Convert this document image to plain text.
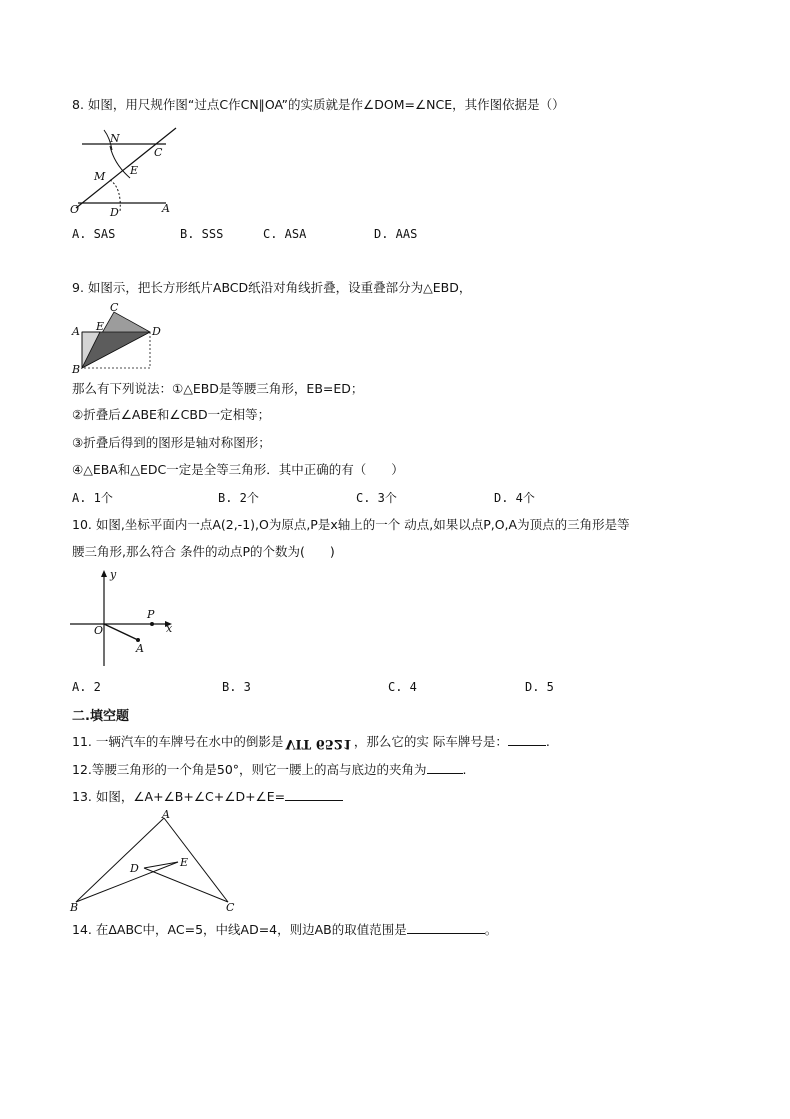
8. 如图，用尺规作图“过点C作CN∥OA”的实质就是作∠DOM=∠NCE，其作图依据是（）
N
C
E
M
O	D	A
A. SAS	B. SSS	C. ASA	D. AAS
9. 如图示，把长方形纸片ABCD纸沿对角线折叠，设重叠部分为△EBD，
A
B
C
D
E
那么有下列说法：①△EBD是等腰三角形，EB=ED；
②折叠后∠ABE和∠CBD一定相等；
③折叠后得到的图形是轴对称图形；
④△EBA和△EDC一定是全等三角形．其中正确的有（　　）
A. 1个	B. 2个	C. 3个	D. 4个
10. 如图,坐标平面内一点A(2,-1),O为原点,P是x轴上的一个 动点,如果以点P,O,A为顶点的三角形是等
腰三角形,那么符合 条件的动点P的个数为(　　)
y
x
O
P
A
A. 2	B. 3	C. 4	D. 5
二.填空题
11. 一辆汽车的车牌号在水中的倒影是 VIT 6521 ，那么它的实 际车牌号是：	.
12.等腰三角形的一个角是50°，则它一腰上的高与底边的夹角为	.
13. 如图，∠A+∠B+∠C+∠D+∠E=
A
B	C
D	E
14. 在ΔABC中，AC=5，中线AD=4，则边AB的取值范围是	。
